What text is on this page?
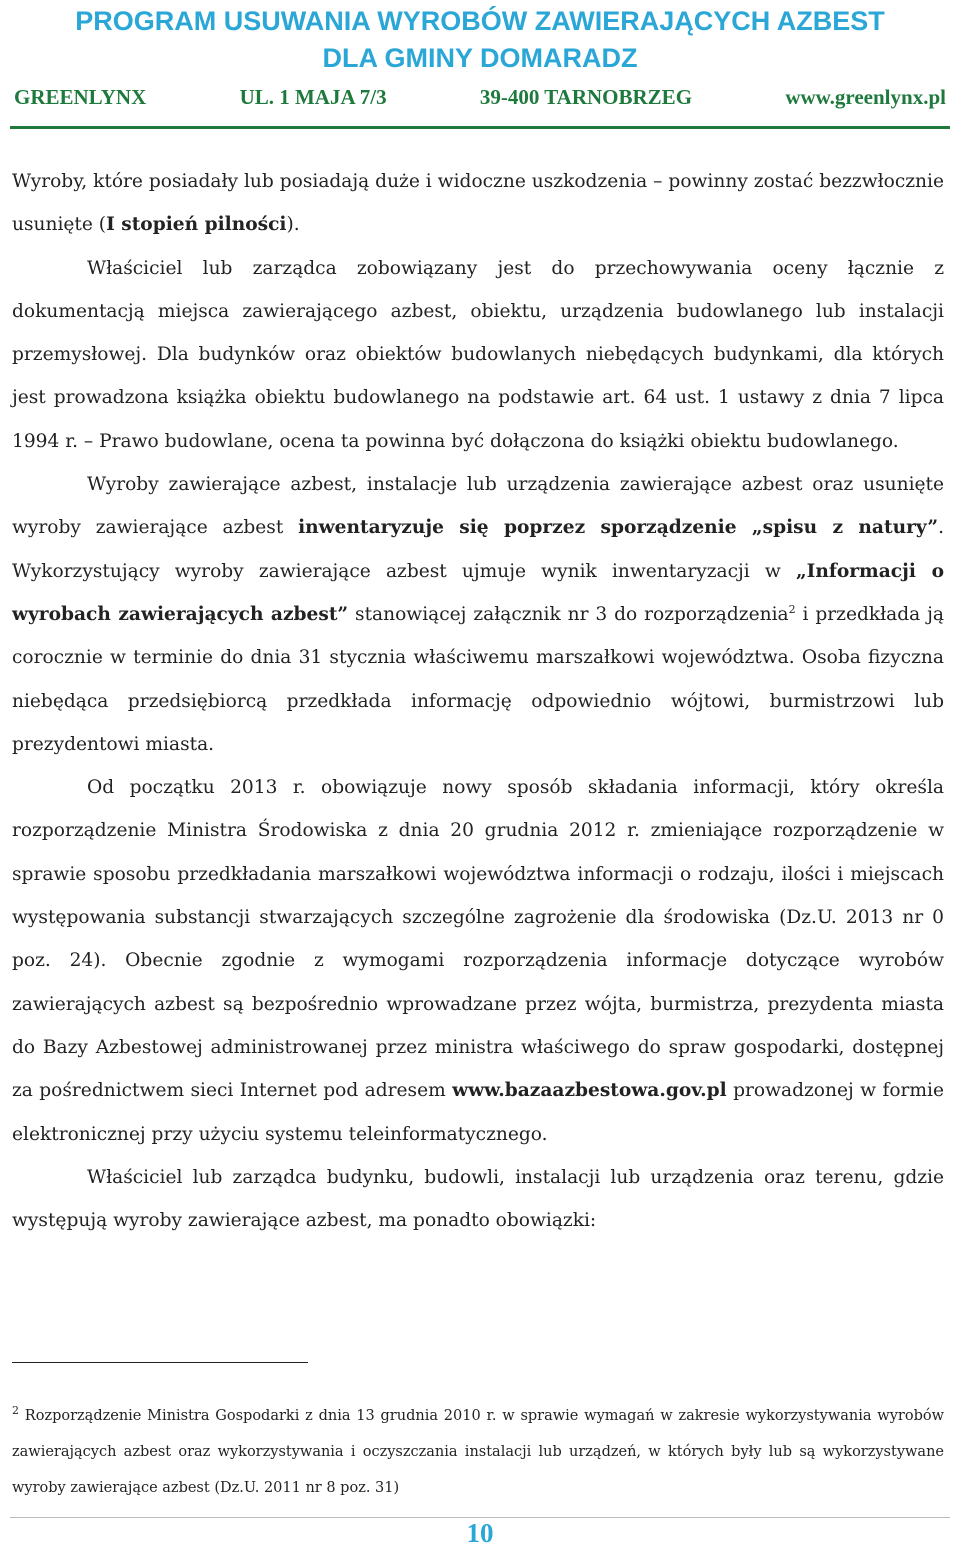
PROGRAM USUWANIA WYROBÓW ZAWIERAJĄCYCH AZBEST

DLA GMINY DOMARADZ

GREENLYNX	UL. 1 MAJA 7/3	39-400 TARNOBRZEG	www.greenlynx.pl

Wyroby, które posiadały lub posiadają duże i widoczne uszkodzenia – powinny zostać bezzwłocznie usunięte (I stopień pilności).

Właściciel lub zarządca zobowiązany jest do przechowywania oceny łącznie z dokumentacją miejsca zawierającego azbest, obiektu, urządzenia budowlanego lub instalacji przemysłowej. Dla budynków oraz obiektów budowlanych niebędących budynkami, dla których jest prowadzona książka obiektu budowlanego na podstawie art. 64 ust. 1 ustawy z dnia 7 lipca 1994 r. – Prawo budowlane, ocena ta powinna być dołączona do książki obiektu budowlanego.

Wyroby zawierające azbest, instalacje lub urządzenia zawierające azbest oraz usunięte wyroby zawierające azbest inwentaryzuje się poprzez sporządzenie „spisu z natury”. Wykorzystujący wyroby zawierające azbest ujmuje wynik inwentaryzacji w „Informacji o wyrobach zawierających azbest” stanowiącej załącznik nr 3 do rozporządzenia$^2$ i przedkłada ją corocznie w terminie do dnia 31 stycznia właściwemu marszałkowi województwa. Osoba fizyczna niebędąca przedsiębiorcą przedkłada informację odpowiednio wójtowi, burmistrzowi lub prezydentowi miasta.

Od początku 2013 r. obowiązuje nowy sposób składania informacji, który określa rozporządzenie Ministra Środowiska z dnia 20 grudnia 2012 r. zmieniające rozporządzenie w sprawie sposobu przedkładania marszałkowi województwa informacji o rodzaju, ilości i miejscach występowania substancji stwarzających szczególne zagrożenie dla środowiska (Dz.U. 2013 nr 0 poz. 24). Obecnie zgodnie z wymogami rozporządzenia informacje dotyczące wyrobów zawierających azbest są bezpośrednio wprowadzane przez wójta, burmistrza, prezydenta miasta do Bazy Azbestowej administrowanej przez ministra właściwego do spraw gospodarki, dostępnej za pośrednictwem sieci Internet pod adresem www.bazaazbestowa.gov.pl prowadzonej w formie elektronicznej przy użyciu systemu teleinformatycznego.

Właściciel lub zarządca budynku, budowli, instalacji lub urządzenia oraz terenu, gdzie występują wyroby zawierające azbest, ma ponadto obowiązki:

$^2$ Rozporządzenie Ministra Gospodarki z dnia 13 grudnia 2010 r. w sprawie wymagań w zakresie wykorzystywania wyrobów zawierających azbest oraz wykorzystywania i oczyszczania instalacji lub urządzeń, w których były lub są wykorzystywane wyroby zawierające azbest (Dz.U. 2011 nr 8 poz. 31)
10
